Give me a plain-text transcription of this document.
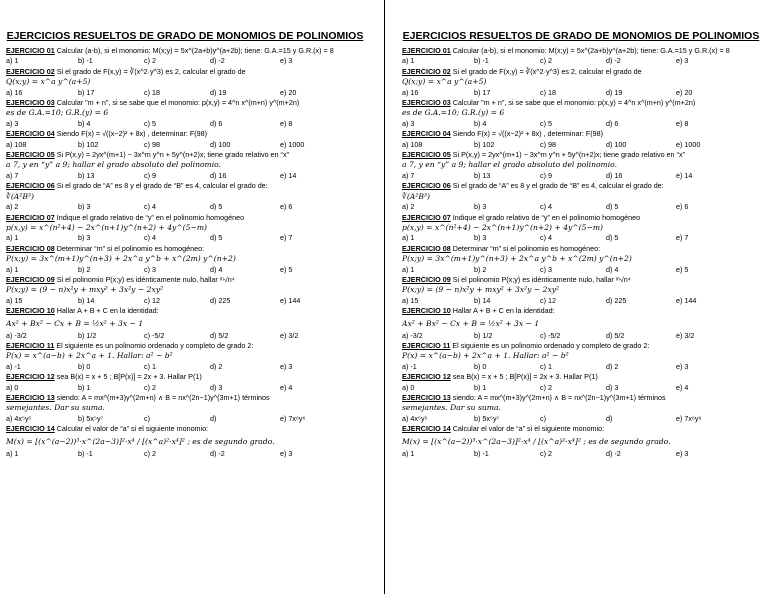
EJERCICIOS RESUELTOS DE GRADO DE MONOMIOS DE POLINOMIOS
EJERCICIO 01 Calcular (a-b), si el monomio: M(x;y) = 5x^(2a+b)y^(a+2b); tiene: G.A.=15 y G.R.(x) = 8
a) 1	b) -1	c) 2	d) -2	e) 3
EJERCICIO 02 Si el grado de F(x,y) = ∛(x^2·y^3) es 2, calcular el grado de
Q(x;y) = x^a y^(a+5)
a) 16	b) 17	c) 18	d) 19	e) 20
EJERCICIO 03 Calcular "m + n", si se sabe que el monomio: p(x,y) = 4^n x^(m+n) y^(m+2n)
es de G.A.=10; G.R.(y) = 6
a) 3	b) 4	c) 5	d) 6	e) 8
EJERCICIO 04 Siendo F(x) = √((x−2)² + 8x) , determinar: F(98)
a) 108	b) 102	c) 98	d) 100	e) 1000
EJERCICIO 05 Si P(x,y) = 2yx^(m+1) − 3x^m y^n + 5y^(n+2)x; tiene grado relativo en “x”
a 7, y en “y” a 9; hallar el grado absoluto del polinomio.
a) 7	b) 13	c) 9	d) 16	e) 14
EJERCICIO 06 Si el grado de “A” es 8 y el grado de “B” es 4, calcular el grado de:
∛(A²B³)
a) 2	b) 3	c) 4	d) 5	e) 6
EJERCICIO 07 Indique el grado relativo de “y” en el polinomio homogéneo
p(x,y) = x^(n²+4) − 2x^(n+1)y^(n+2) + 4y^(5−m)
a) 1	b) 3	c) 4	d) 5	e) 7
EJERCICIO 08 Determinar “m” si el polinomio es homogéneo:
P(x;y) = 3x^(m+1)y^(n+3) + 2x^a y^b + x^(2m) y^(n+2)
a) 1	b) 2	c) 3	d) 4	e) 5
EJERCICIO 09 Si el polinomio P(x;y) es idénticamente nulo, hallar ᵐ√n⁴
P(x;y) = (9 − n)x²y + mxy² + 3x²y − 2xy²
a) 15	b) 14	c) 12	d) 225	e) 144
EJERCICIO 10 Hallar A + B + C en la identidad:
Ax² + Bx² − Cx + B = ½x² + 3x − 1
a) -3/2	b) 1/2	c) -5/2	d) 5/2	e) 3/2
EJERCICIO 11 El siguiente es un polinomio ordenado y completo de grado 2:
P(x) = x^(a−b) + 2x^a + 1. Hallar: a² − b²
a) -1	b) 0	c) 1	d) 2	e) 3
EJERCICIO 12 sea B(x) = x + 5 ; B[P(x)] = 2x + 3. Hallar P(1)
a) 0	b) 1	c) 2	d) 3	e) 4
EJERCICIO 13 siendo: A = mx^(m+3)y^(2m+n) ∧ B = nx^(2n−1)y^(3m+1) términos
semejantes. Dar su suma.
a) 4x⁵y⁵	b) 5x⁵y⁷	c)	d)	e) 7x⁶y⁶
EJERCICIO 14 Calcular el valor de “a” si el siguiente monomio:
M(x) = [(x^(a−2))³·x^(2a−3)]²·x⁴ / [(x^a)²·x⁴]² ; es de segundo grado.
a) 1	b) -1	c) 2	d) -2	e) 3
EJERCICIOS RESUELTOS DE GRADO DE MONOMIOS DE POLINOMIOS
EJERCICIO 01 Calcular (a-b), si el monomio: M(x;y) = 5x^(2a+b)y^(a+2b); tiene: G.A.=15 y G.R.(x) = 8
a) 1	b) -1	c) 2	d) -2	e) 3
EJERCICIO 02 Si el grado de F(x,y) = ∛(x^2·y^3) es 2, calcular el grado de
Q(x;y) = x^a y^(a+5)
a) 16	b) 17	c) 18	d) 19	e) 20
EJERCICIO 03 Calcular "m + n", si se sabe que el monomio: p(x,y) = 4^n x^(m+n) y^(m+2n)
es de G.A.=10; G.R.(y) = 6
a) 3	b) 4	c) 5	d) 6	e) 8
EJERCICIO 04 Siendo F(x) = √((x−2)² + 8x) , determinar: F(98)
a) 108	b) 102	c) 98	d) 100	e) 1000
EJERCICIO 05 Si P(x,y) = 2yx^(m+1) − 3x^m y^n + 5y^(n+2)x; tiene grado relativo en “x”
a 7, y en “y” a 9; hallar el grado absoluto del polinomio.
a) 7	b) 13	c) 9	d) 16	e) 14
EJERCICIO 06 Si el grado de “A” es 8 y el grado de “B” es 4, calcular el grado de:
∛(A²B³)
a) 2	b) 3	c) 4	d) 5	e) 6
EJERCICIO 07 Indique el grado relativo de “y” en el polinomio homogéneo
p(x,y) = x^(n²+4) − 2x^(n+1)y^(n+2) + 4y^(5−m)
a) 1	b) 3	c) 4	d) 5	e) 7
EJERCICIO 08 Determinar “m” si el polinomio es homogéneo:
P(x;y) = 3x^(m+1)y^(n+3) + 2x^a y^b + x^(2m) y^(n+2)
a) 1	b) 2	c) 3	d) 4	e) 5
EJERCICIO 09 Si el polinomio P(x;y) es idénticamente nulo, hallar ᵐ√n⁴
P(x;y) = (9 − n)x²y + mxy² + 3x²y − 2xy²
a) 15	b) 14	c) 12	d) 225	e) 144
EJERCICIO 10 Hallar A + B + C en la identidad:
Ax² + Bx² − Cx + B = ½x² + 3x − 1
a) -3/2	b) 1/2	c) -5/2	d) 5/2	e) 3/2
EJERCICIO 11 El siguiente es un polinomio ordenado y completo de grado 2:
P(x) = x^(a−b) + 2x^a + 1. Hallar: a² − b²
a) -1	b) 0	c) 1	d) 2	e) 3
EJERCICIO 12 sea B(x) = x + 5 ; B[P(x)] = 2x + 3. Hallar P(1)
a) 0	b) 1	c) 2	d) 3	e) 4
EJERCICIO 13 siendo: A = mx^(m+3)y^(2m+n) ∧ B = nx^(2n−1)y^(3m+1) términos
semejantes. Dar su suma.
a) 4x⁵y⁵	b) 5x⁵y⁷	c)	d)	e) 7x⁶y⁶
EJERCICIO 14 Calcular el valor de “a” si el siguiente monomio:
M(x) = [(x^(a−2))³·x^(2a−3)]²·x⁴ / [(x^a)²·x⁴]² ; es de segundo grado.
a) 1	b) -1	c) 2	d) -2	e) 3
